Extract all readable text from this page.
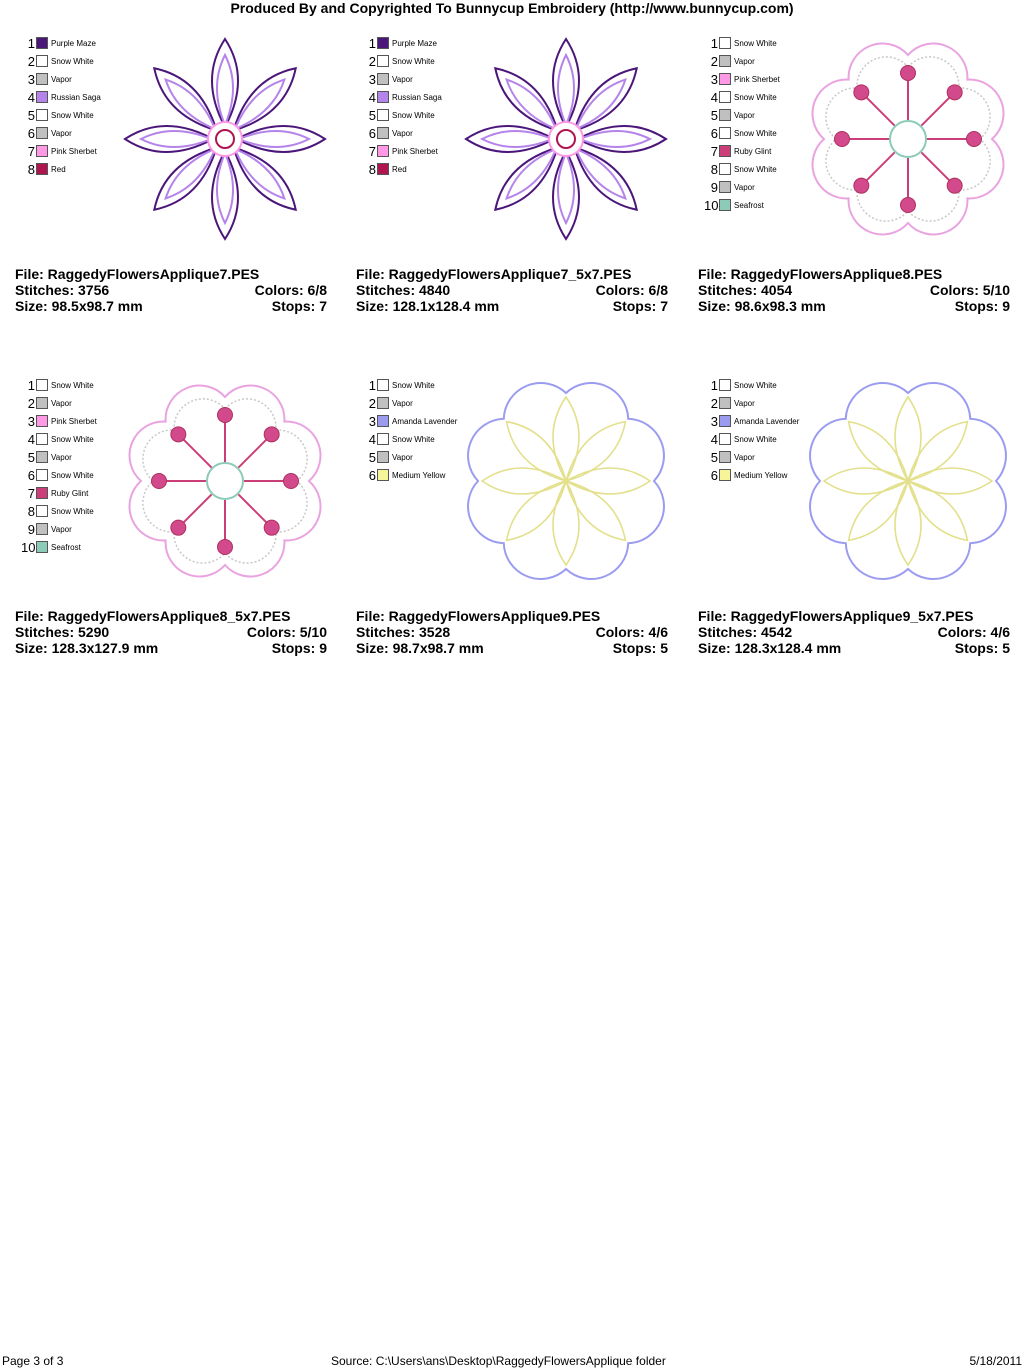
Produced By and Copyrighted To Bunnycup Embroidery (http://www.bunnycup.com)
1 Purple Maze
2 Snow White
3 Vapor
4 Russian Saga
5 Snow White
6 Vapor
7 Pink Sherbet
8 Red
File: RaggedyFlowersApplique7.PES
Stitches: 3756	Colors: 6/8
Size: 98.5x98.7 mm	Stops: 7
1 Purple Maze
2 Snow White
3 Vapor
4 Russian Saga
5 Snow White
6 Vapor
7 Pink Sherbet
8 Red
File: RaggedyFlowersApplique7_5x7.PES
Stitches: 4840	Colors: 6/8
Size: 128.1x128.4 mm	Stops: 7
1 Snow White
2 Vapor
3 Pink Sherbet
4 Snow White
5 Vapor
6 Snow White
7 Ruby Glint
8 Snow White
9 Vapor
10 Seafrost
File: RaggedyFlowersApplique8.PES
Stitches: 4054	Colors: 5/10
Size: 98.6x98.3 mm	Stops: 9
1 Snow White
2 Vapor
3 Pink Sherbet
4 Snow White
5 Vapor
6 Snow White
7 Ruby Glint
8 Snow White
9 Vapor
10 Seafrost
File: RaggedyFlowersApplique8_5x7.PES
Stitches: 5290	Colors: 5/10
Size: 128.3x127.9 mm	Stops: 9
1 Snow White
2 Vapor
3 Amanda Lavender
4 Snow White
5 Vapor
6 Medium Yellow
File: RaggedyFlowersApplique9.PES
Stitches: 3528	Colors: 4/6
Size: 98.7x98.7 mm	Stops: 5
1 Snow White
2 Vapor
3 Amanda Lavender
4 Snow White
5 Vapor
6 Medium Yellow
File: RaggedyFlowersApplique9_5x7.PES
Stitches: 4542	Colors: 4/6
Size: 128.3x128.4 mm	Stops: 5
Page 3 of 3	Source: C:\Users\ans\Desktop\RaggedyFlowersApplique folder	5/18/2011
